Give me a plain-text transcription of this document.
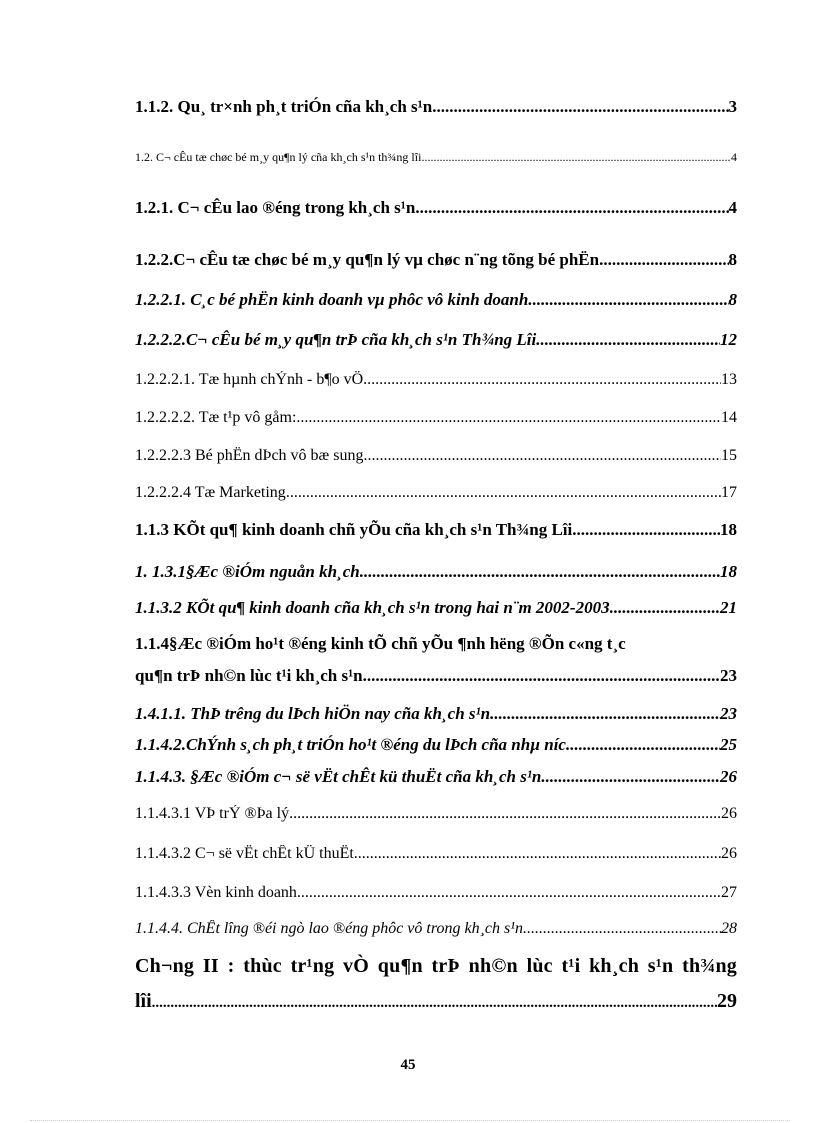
1.1.2. Qu¸ tr×nh ph¸t triÓn cña kh¸ch s¹n .....	3
1.2. C¬ cÊu tæ chøc bé m¸y qu¶n lý cña kh¸ch s¹n th¾ng lîi .....	4
1.2.1. C¬ cÊu lao ®éng trong kh¸ch s¹n .....	4
1.2.2.C¬ cÊu tæ chøc bé m¸y qu¶n lý vµ chøc n¨ng tõng bé phËn .....	8
1.2.2.1. C¸c bé phËn kinh doanh vµ phôc vô kinh doanh .....	8
1.2.2.2.C¬ cÊu bé m¸y qu¶n trÞ cña kh¸ch s¹n Th¾ng Lîi .....	12
1.2.2.2.1. Tæ hµnh chÝnh - b¶o vÖ .....	13
1.2.2.2.2. Tæ t¹p vô gåm: .....	14
1.2.2.2.3 Bé phËn dÞch vô bæ sung. .....	15
1.2.2.2.4 Tæ Marketing .....	17
1.1.3 KÕt qu¶ kinh doanh chñ yÕu cña kh¸ch s¹n Th¾ng Lîi .....	18
1. 1.3.1§Æc ®iÓm nguån kh¸ch .....	18
1.1.3.2 KÕt qu¶ kinh doanh cña kh¸ch s¹n trong hai n¨m 2002-2003 .....	21
1.1.4§Æc ®iÓm ho¹t ®éng kinh tÕ chñ yÕu ¶nh hëng ®Õn c«ng t¸c
qu¶n trÞ nh©n lùc t¹i kh¸ch s¹n .....	23
1.4.1.1. ThÞ trêng du lÞch hiÖn nay cña kh¸ch s¹n .....	23
1.1.4.2.ChÝnh s¸ch ph¸t triÓn ho¹t ®éng du lÞch cña nhµ níc .....	25
1.1.4.3. §Æc ®iÓm c¬ së vËt chÊt kü thuËt cña kh¸ch s¹n .....	26
1.1.4.3.1 VÞ trÝ ®Þa lý .....	26
1.1.4.3.2 C¬ së vËt chÊt kÜ thuËt .....	26
1.1.4.3.3 Vèn kinh doanh .....	27
1.1.4.4. ChÊt lîng ®éi ngò lao ®éng phôc vô trong kh¸ch s¹n .....	28
Ch¬ng II : thùc tr¹ng vÒ qu¶n trÞ nh©n lùc t¹i kh¸ch s¹n th¾ng
lîi .....	29
45
